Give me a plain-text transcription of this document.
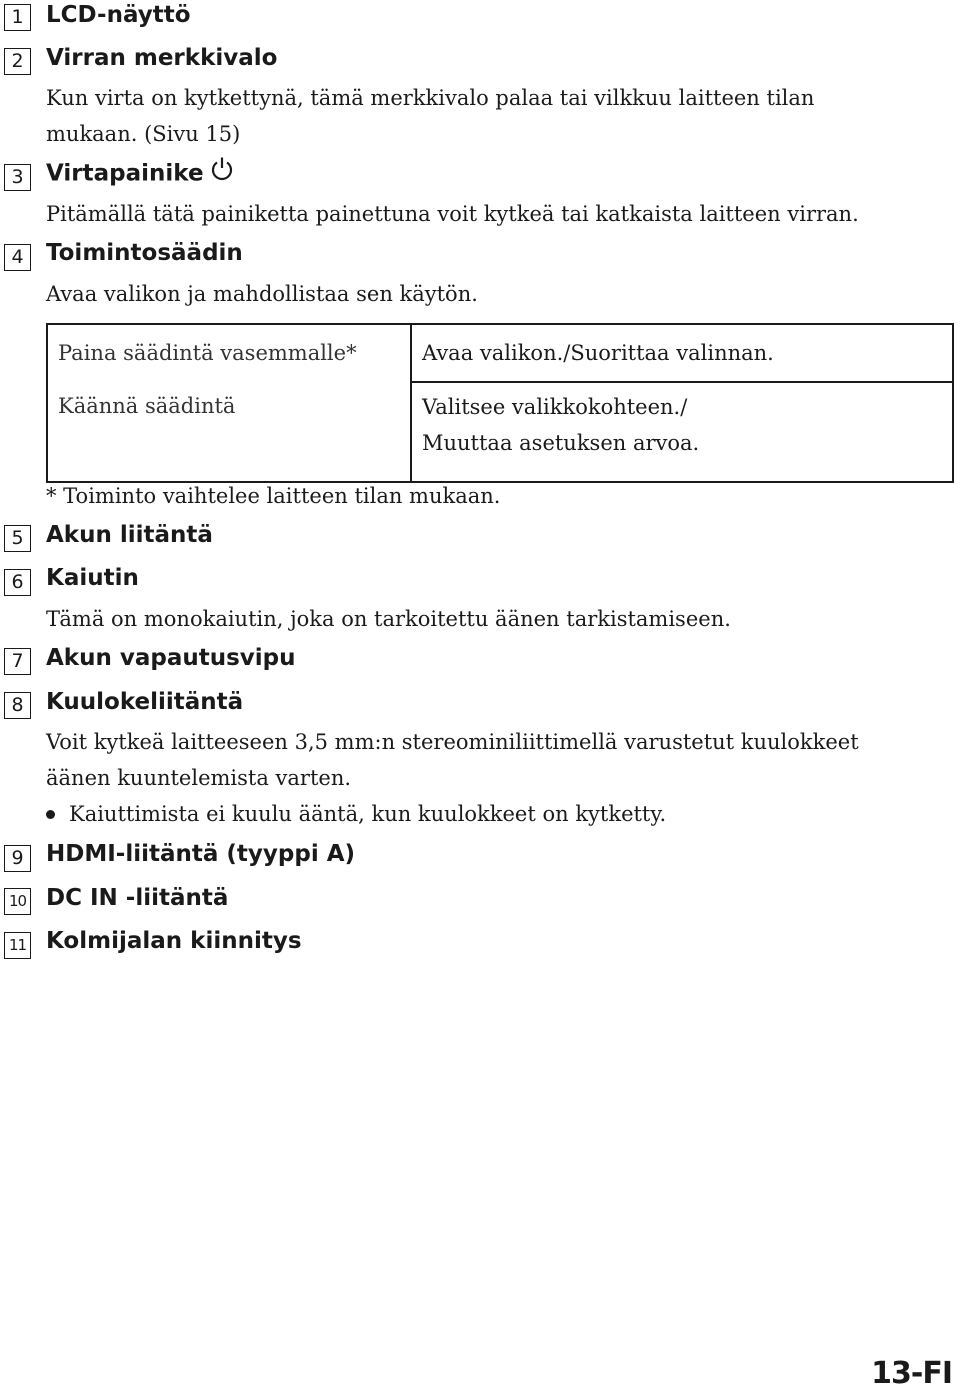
1 LCD-näyttö
2 Virran merkkivalo
Kun virta on kytkettynä, tämä merkkivalo palaa tai vilkkuu laitteen tilan
mukaan. (Sivu 15)
3 Virtapainike
Pitämällä tätä painiketta painettuna voit kytkeä tai katkaista laitteen virran.
4 Toimintosäädin
Avaa valikon ja mahdollistaa sen käytön.
Paina säädintä vasemmalle*	Avaa valikon./Suorittaa valinnan.
Käännä säädintä	Valitsee valikkokohteen./
Muuttaa asetuksen arvoa.
* Toiminto vaihtelee laitteen tilan mukaan.
5 Akun liitäntä
6 Kaiutin
Tämä on monokaiutin, joka on tarkoitettu äänen tarkistamiseen.
7 Akun vapautusvipu
8 Kuulokeliitäntä
Voit kytkeä laitteeseen 3,5 mm:n stereominiliittimellä varustetut kuulokkeet
äänen kuuntelemista varten.
Kaiuttimista ei kuulu ääntä, kun kuulokkeet on kytketty.
9 HDMI-liitäntä (tyyppi A)
10 DC IN -liitäntä
11 Kolmijalan kiinnitys
13-FI
